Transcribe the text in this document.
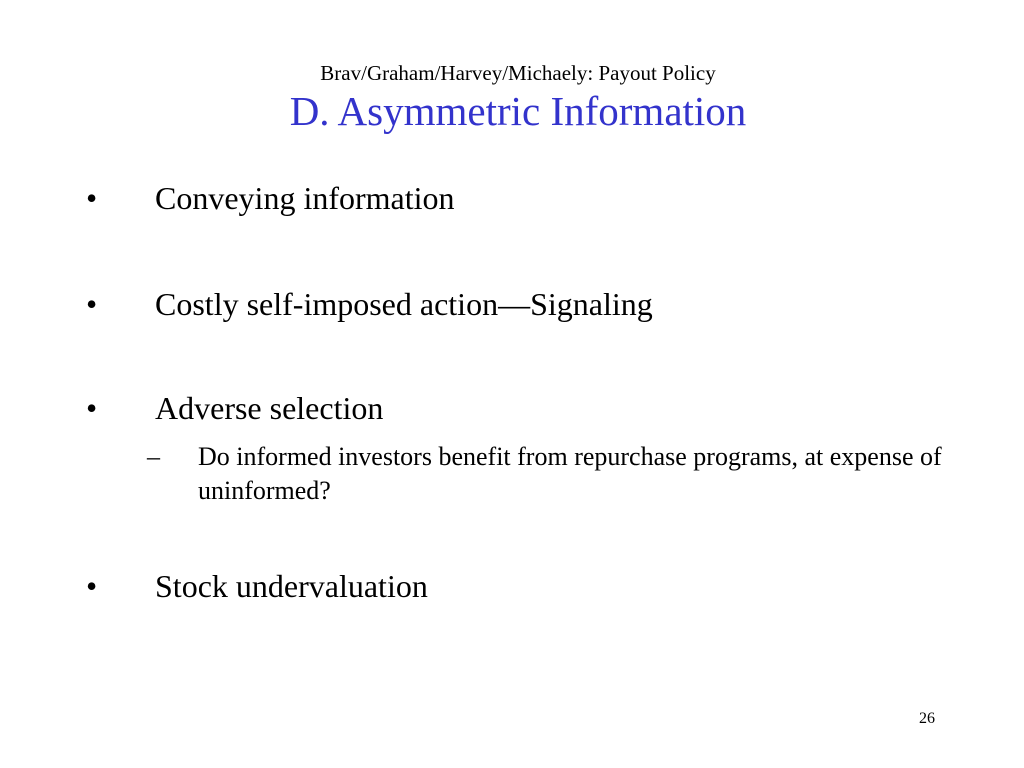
Brav/Graham/Harvey/Michaely: Payout Policy
D. Asymmetric Information
• Conveying information
• Costly self-imposed action—Signaling
• Adverse selection
– Do informed investors benefit from repurchase programs, at expense of uninformed?
• Stock undervaluation
26
